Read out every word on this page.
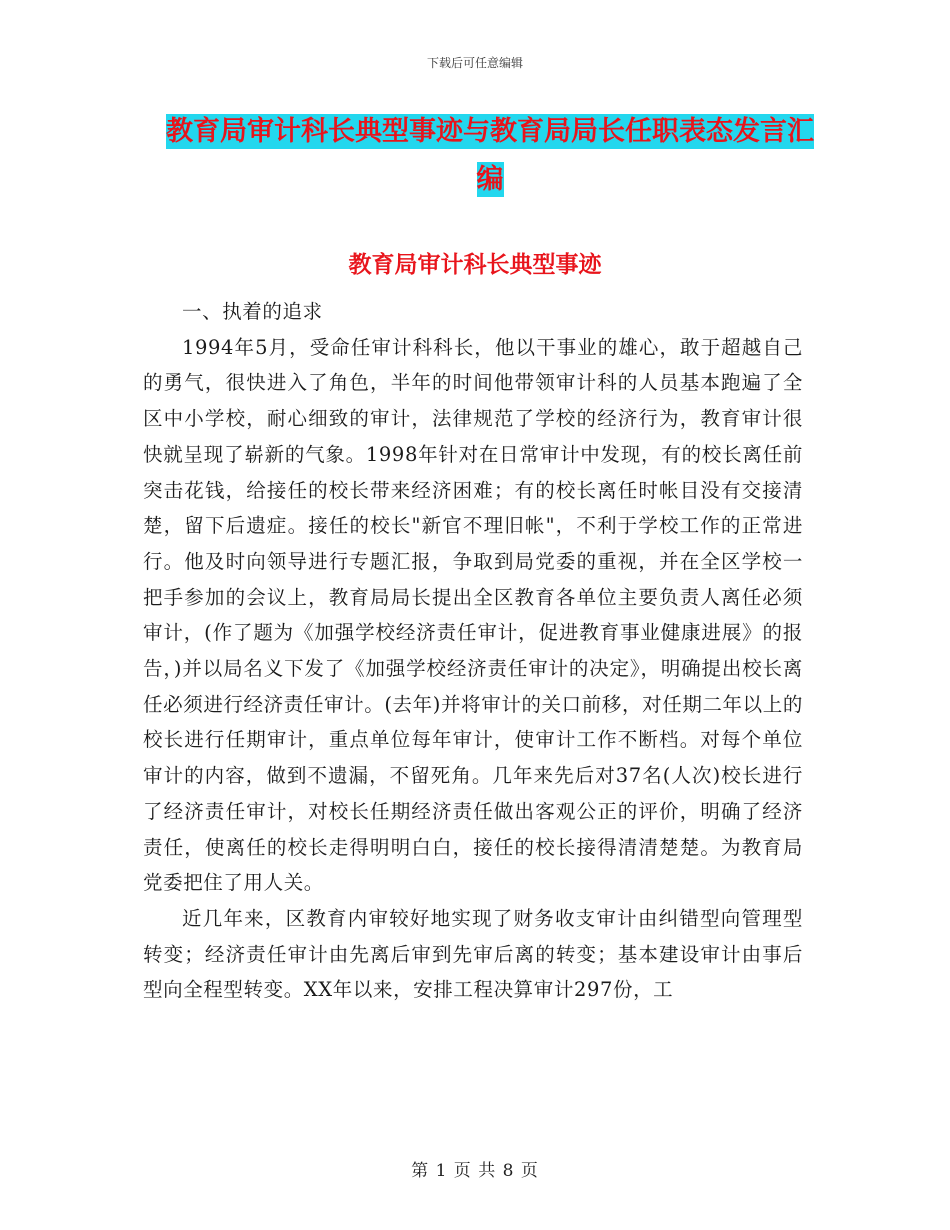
下载后可任意编辑
教育局审计科长典型事迹与教育局局长任职表态发言汇编
教育局审计科长典型事迹

一、执着的追求

1994年5月，受命任审计科科长，他以干事业的雄心，敢于超越自己的勇气，很快进入了角色，半年的时间他带领审计科的人员基本跑遍了全区中小学校，耐心细致的审计，法律规范了学校的经济行为，教育审计很快就呈现了崭新的气象。1998年针对在日常审计中发现，有的校长离任前突击花钱，给接任的校长带来经济困难；有的校长离任时帐目没有交接清楚，留下后遗症。接任的校长"新官不理旧帐"，不利于学校工作的正常进行。他及时向领导进行专题汇报，争取到局党委的重视，并在全区学校一把手参加的会议上，教育局局长提出全区教育各单位主要负责人离任必须审计，(作了题为《加强学校经济责任审计，促进教育事业健康进展》的报告，)并以局名义下发了《加强学校经济责任审计的决定》，明确提出校长离任必须进行经济责任审计。(去年)并将审计的关口前移，对任期二年以上的校长进行任期审计，重点单位每年审计，使审计工作不断档。对每个单位审计的内容，做到不遗漏，不留死角。几年来先后对37名(人次)校长进行了经济责任审计，对校长任期经济责任做出客观公正的评价，明确了经济责任，使离任的校长走得明明白白，接任的校长接得清清楚楚。为教育局党委把住了用人关。

近几年来，区教育内审较好地实现了财务收支审计由纠错型向管理型转变；经济责任审计由先离后审到先审后离的转变；基本建设审计由事后型向全程型转变。XX年以来，安排工程决算审计297份，工

第 1 页 共 8 页
